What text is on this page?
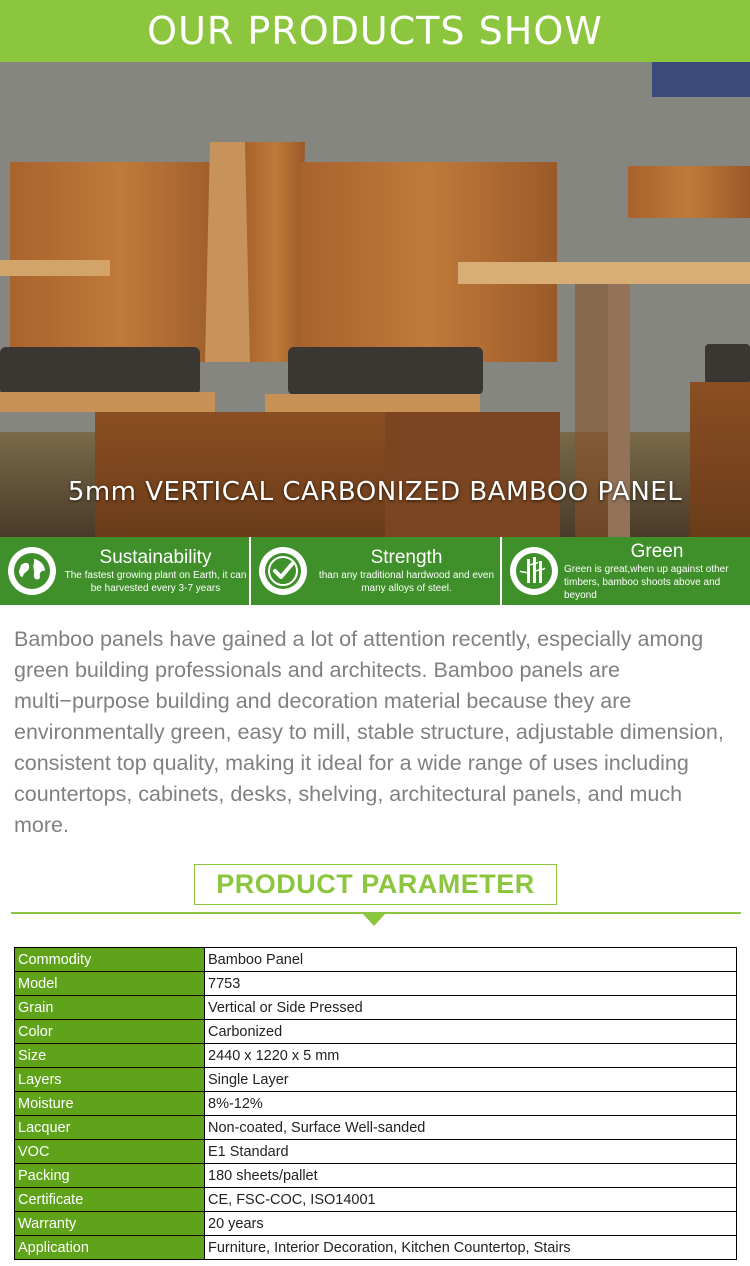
OUR PRODUCTS SHOW
5mm VERTICAL CARBONIZED BAMBOO PANEL
Sustainability
The fastest growing plant on Earth, it can be harvested every 3-7 years
Strength
than any traditional hardwood and even many alloys of steel.
Green
Green is great,when up against other timbers, bamboo shoots above and beyond

Bamboo panels have gained a lot of attention recently, especially among green building professionals and architects. Bamboo panels are multi−purpose building and decoration material because they are environmentally green, easy to mill, stable structure, adjustable dimension, consistent top quality, making it ideal for a wide range of uses including countertops, cabinets, desks, shelving, architectural panels, and much more.

PRODUCT PARAMETER
Commodity	Bamboo Panel
Model	7753
Grain	Vertical or Side Pressed
Color	Carbonized
Size	2440 x 1220 x 5 mm
Layers	Single Layer
Moisture	8%-12%
Lacquer	Non-coated, Surface Well-sanded
VOC	E1 Standard
Packing	180 sheets/pallet
Certificate	CE, FSC-COC, ISO14001
Warranty	20 years
Application	Furniture, Interior Decoration, Kitchen Countertop, Stairs
